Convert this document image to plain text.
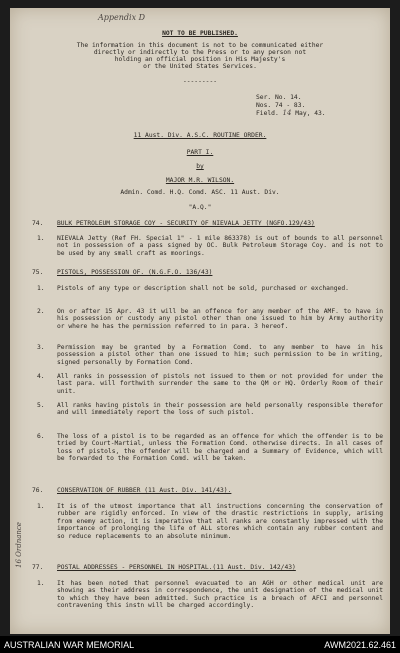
Appendix D
NOT TO BE PUBLISHED.
The information in this document is not to be communicated either
directly or indirectly to the Press or to any person not
holding an official position in His Majesty's
or the United States Services.
---------
Ser. No. 14.
Nos. 74 - 83.
Field. 14 May, 43.
11 Aust. Div. A.S.C. ROUTINE ORDER.
PART I.
by
MAJOR M.R. WILSON.
Admin. Comd. H.Q. Comd. ASC. 11 Aust. Div.
"A.Q."
74. BULK PETROLEUM STORAGE COY - SECURITY OF NIEVALA JETTY (NGFO.129/43)
1. NIEVALA Jetty (Ref FH. Special 1" - 1 mile 863378) is out of bounds to all personnel not in possession of a pass signed by OC. Bulk Petroleum Storage Coy. and is not to be used by any small craft as moorings.

75. PISTOLS, POSSESSION OF. (N.G.F.O. 136/43)
1. Pistols of any type or description shall not be sold, purchased or exchanged.

2. On or after 15 Apr. 43 it will be an offence for any member of the AMF. to have in his possession or custody any pistol other than one issued to him by Army authority or where he has the permission referred to in para. 3 hereof.

3. Permission may be granted by a Formation Comd. to any member to have in his possession a pistol other than one issued to him; such permission to be in writing, signed personally by Formation Comd.

4. All ranks in possession of pistols not issued to them or not provided for under the last para. will forthwith surrender the same to the QM or HQ. Orderly Room of their unit.

5. All ranks having pistols in their possession are held personally responsible therefor and will immediately report the loss of such pistol.

6. The loss of a pistol is to be regarded as an offence for which the offender is to be tried by Court-Martial, unless the Formation Comd. otherwise directs. In all cases of loss of pistols, the offender will be charged and a Summary of Evidence, which will be forwarded to the Formation Comd. will be taken.

76. CONSERVATION OF RUBBER (11 Aust. Div. 141/43).
1. It is of the utmost importance that all instructions concerning the conservation of rubber are rigidly enforced. In view of the drastic restrictions in supply, arising from enemy action, it is imperative that all ranks are constantly impressed with the importance of prolonging the life of ALL stores which contain any rubber content and so reduce replacements to an absolute minimum.

77. POSTAL ADDRESSES - PERSONNEL IN HOSPITAL.(11 Aust. Div. 142/43)
1. It has been noted that personnel evacuated to an AGH or other medical unit are showing as their address in correspondence, the unit designation of the medical unit to which they have been admitted. Such practice is a breach of AFCI and personnel contravening this instn will be charged accordingly.

16 Ordnance
AUSTRALIAN WAR MEMORIAL	AWM2021.62.461
